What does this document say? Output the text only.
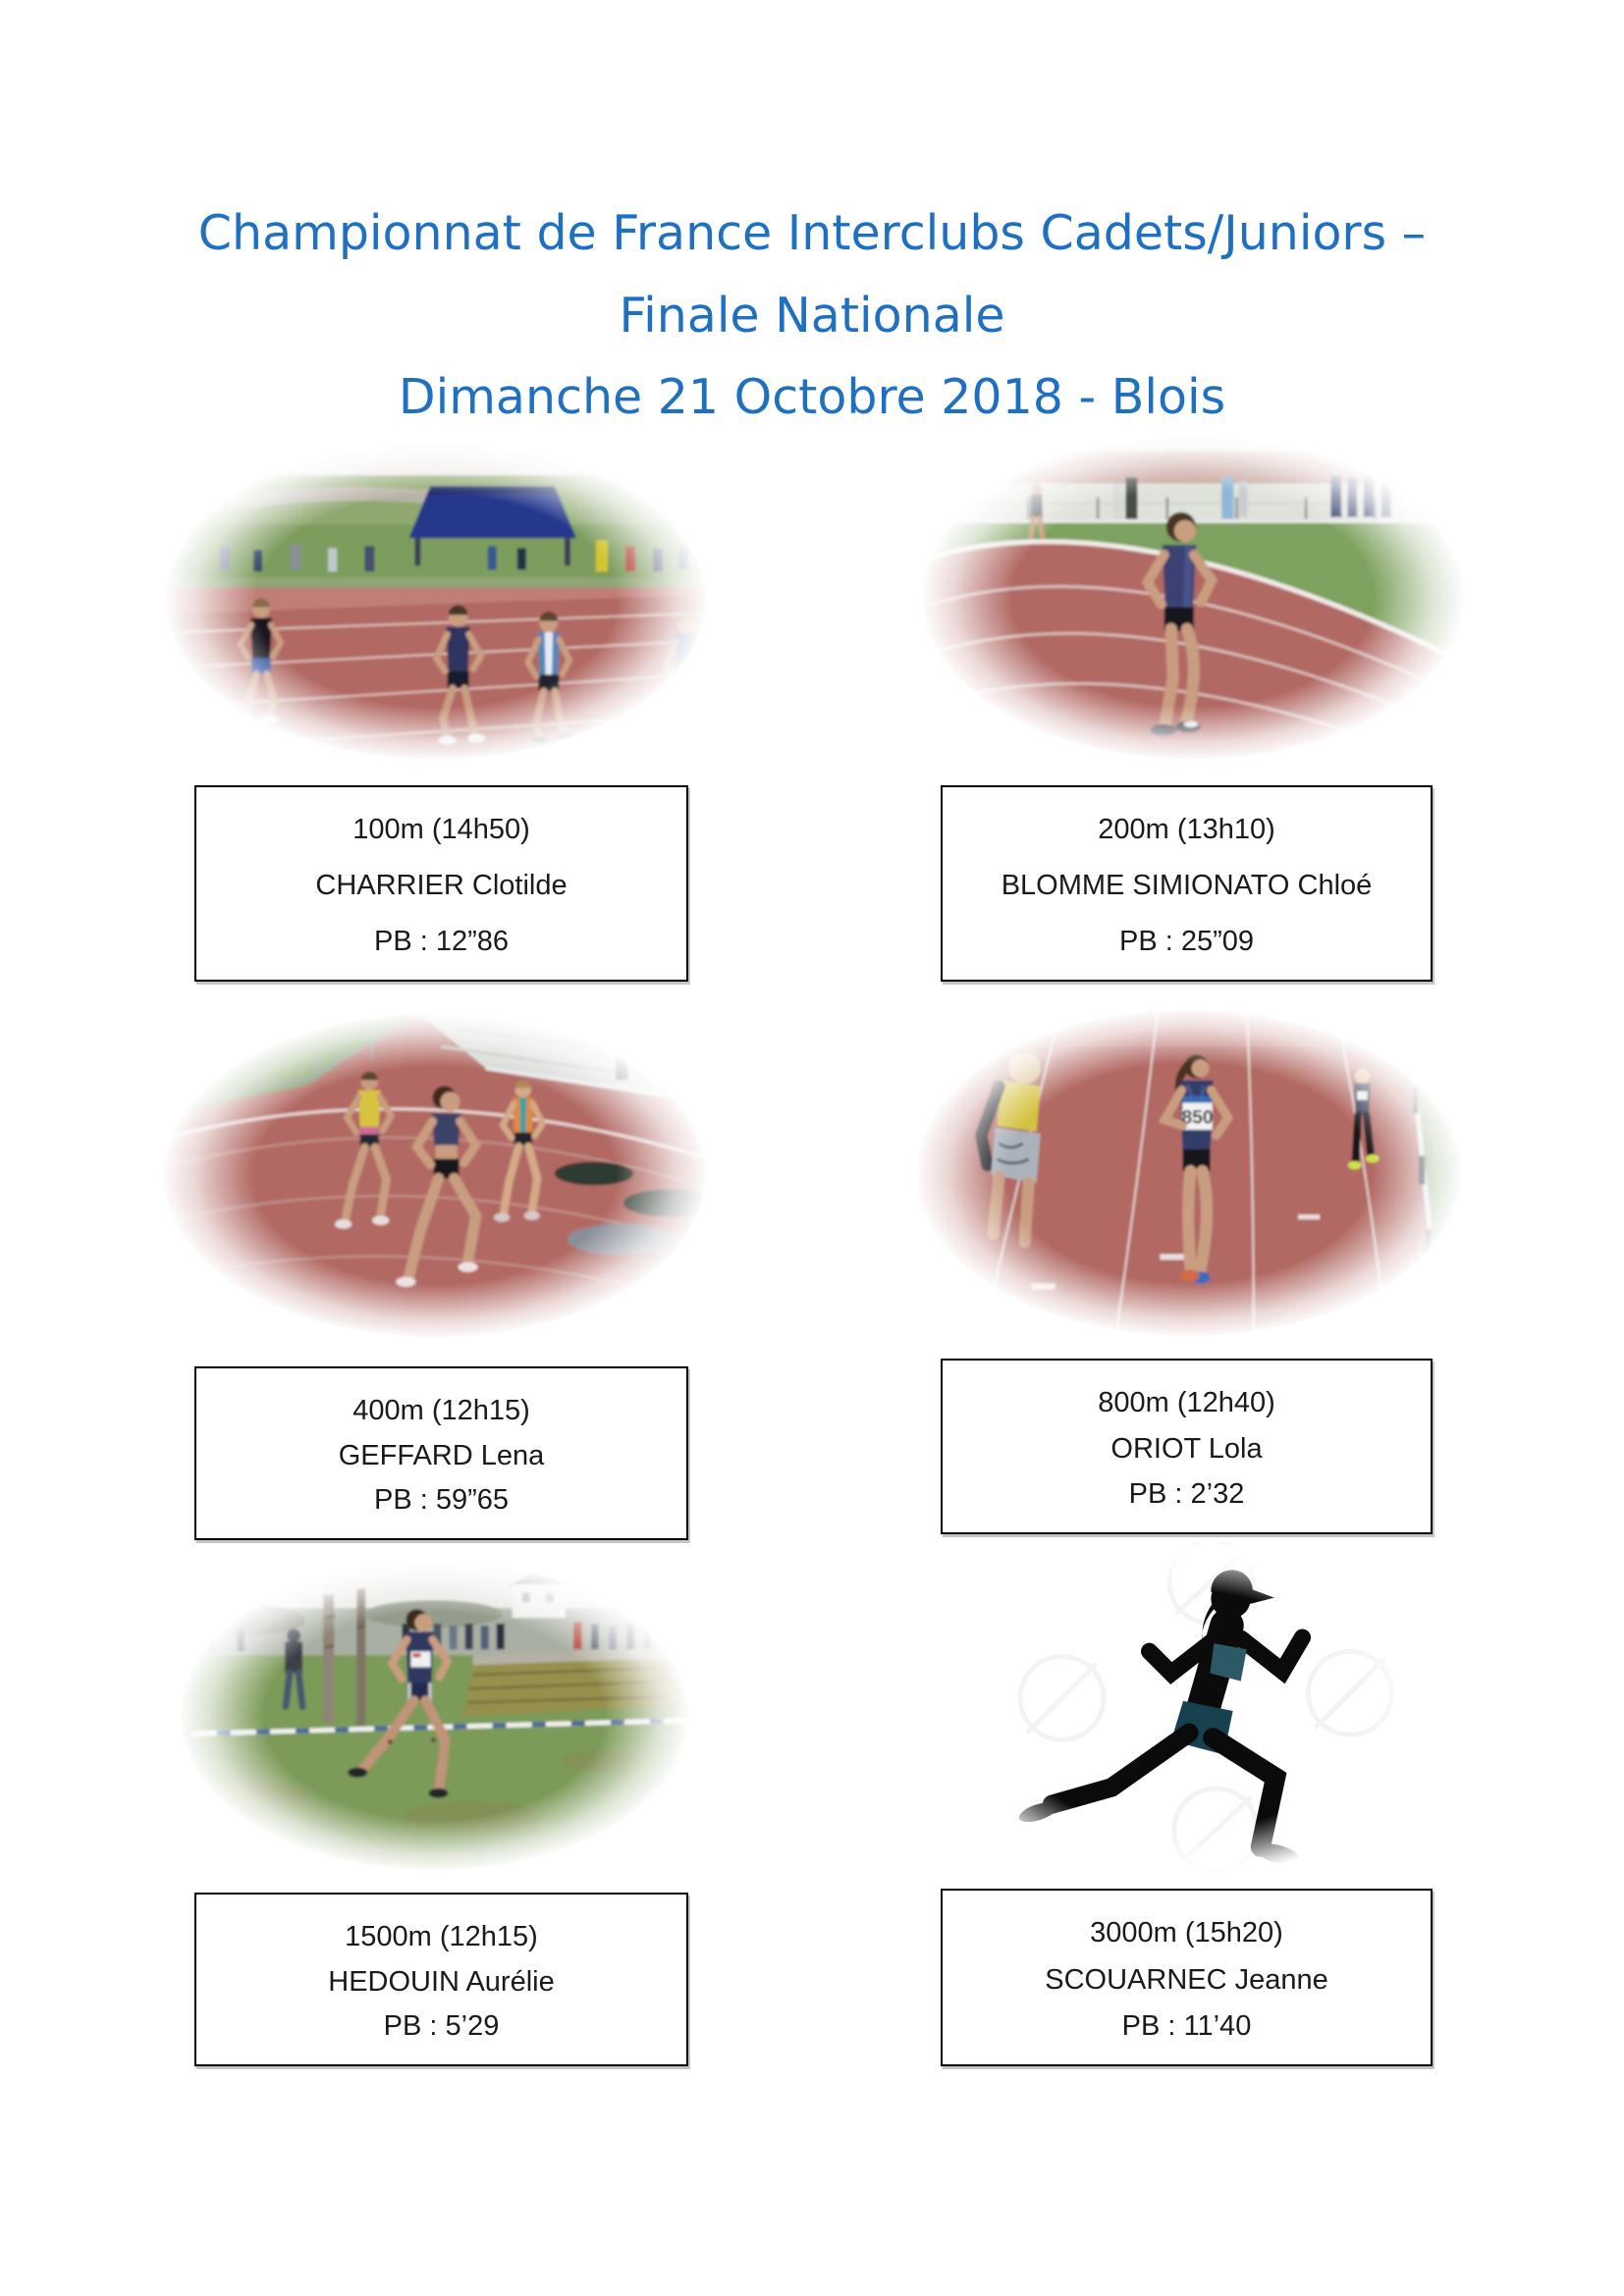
Championnat de France Interclubs Cadets/Juniors –
Finale Nationale
Dimanche 21 Octobre 2018 - Blois

100m (14h50)

CHARRIER Clotilde

PB : 12”86

200m (13h10)

BLOMME SIMIONATO Chloé

PB : 25”09

400m (12h15)

GEFFARD Lena

PB : 59”65

800m (12h40)

ORIOT Lola

PB : 2’32

1500m (12h15)

HEDOUIN Aurélie

PB : 5’29

3000m (15h20)

SCOUARNEC Jeanne

PB : 11’40
